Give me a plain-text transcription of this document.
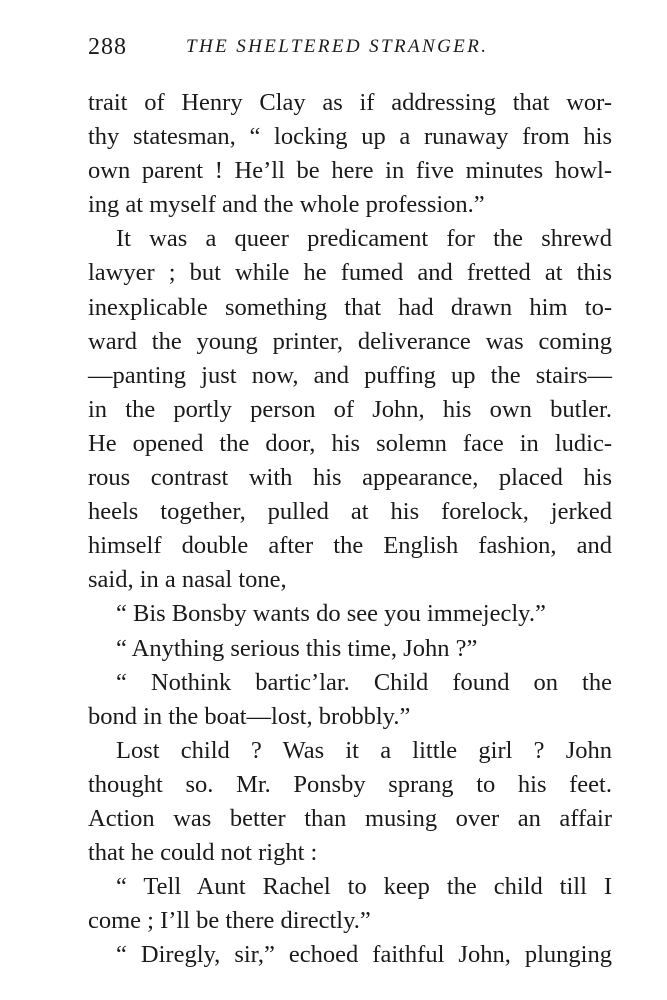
288	THE SHELTERED STRANGER.
trait of Henry Clay as if addressing that wor-
thy statesman, “ locking up a runaway from his
own parent ! He’ll be here in five minutes howl-
ing at myself and the whole profession.”
It was a queer predicament for the shrewd
lawyer ; but while he fumed and fretted at this
inexplicable something that had drawn him to-
ward the young printer, deliverance was coming
—panting just now, and puffing up the stairs—
in the portly person of John, his own butler.
He opened the door, his solemn face in ludic-
rous contrast with his appearance, placed his
heels together, pulled at his forelock, jerked
himself double after the English fashion, and
said, in a nasal tone,
“ Bis Bonsby wants do see you immejecly.”
“ Anything serious this time, John ?”
“ Nothink bartic’lar. Child found on the
bond in the boat—lost, brobbly.”
Lost child ? Was it a little girl ? John
thought so. Mr. Ponsby sprang to his feet.
Action was better than musing over an affair
that he could not right :
“ Tell Aunt Rachel to keep the child till I
come ; I’ll be there directly.”
“ Diregly, sir,” echoed faithful John, plunging
